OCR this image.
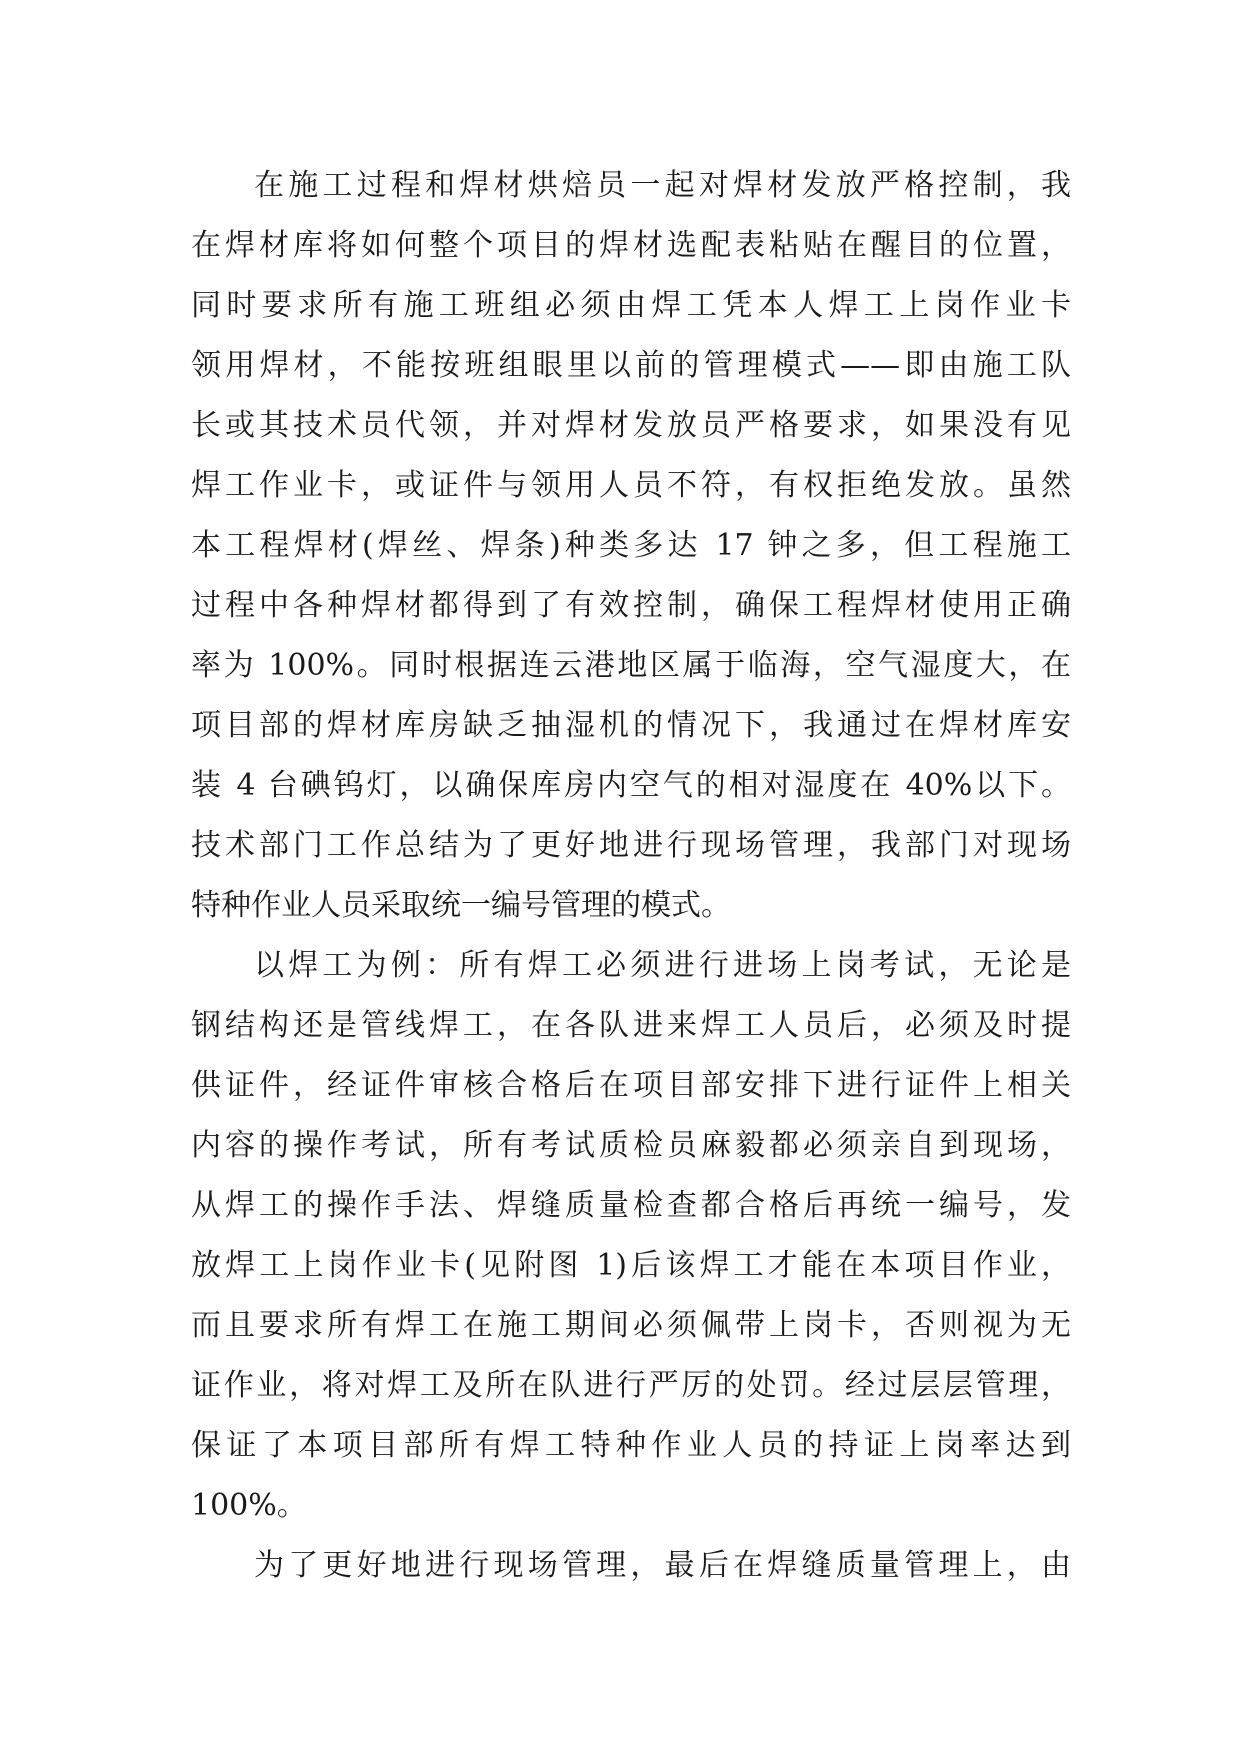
在施工过程和焊材烘焙员一起对焊材发放严格控制，我
在焊材库将如何整个项目的焊材选配表粘贴在醒目的位置，
同时要求所有施工班组必须由焊工凭本人焊工上岗作业卡
领用焊材，不能按班组眼里以前的管理模式——即由施工队
长或其技术员代领，并对焊材发放员严格要求，如果没有见
焊工作业卡，或证件与领用人员不符，有权拒绝发放。虽然
本工程焊材(焊丝、焊条)种类多达 17 钟之多，但工程施工
过程中各种焊材都得到了有效控制，确保工程焊材使用正确
率为 100%。同时根据连云港地区属于临海，空气湿度大，在
项目部的焊材库房缺乏抽湿机的情况下，我通过在焊材库安
装 4 台碘钨灯，以确保库房内空气的相对湿度在 40%以下。
技术部门工作总结为了更好地进行现场管理，我部门对现场
特种作业人员采取统一编号管理的模式。
以焊工为例：所有焊工必须进行进场上岗考试，无论是
钢结构还是管线焊工，在各队进来焊工人员后，必须及时提
供证件，经证件审核合格后在项目部安排下进行证件上相关
内容的操作考试，所有考试质检员麻毅都必须亲自到现场，
从焊工的操作手法、焊缝质量检查都合格后再统一编号，发
放焊工上岗作业卡(见附图 1)后该焊工才能在本项目作业，
而且要求所有焊工在施工期间必须佩带上岗卡，否则视为无
证作业，将对焊工及所在队进行严厉的处罚。经过层层管理，
保证了本项目部所有焊工特种作业人员的持证上岗率达到
100%。
为了更好地进行现场管理，最后在焊缝质量管理上，由
